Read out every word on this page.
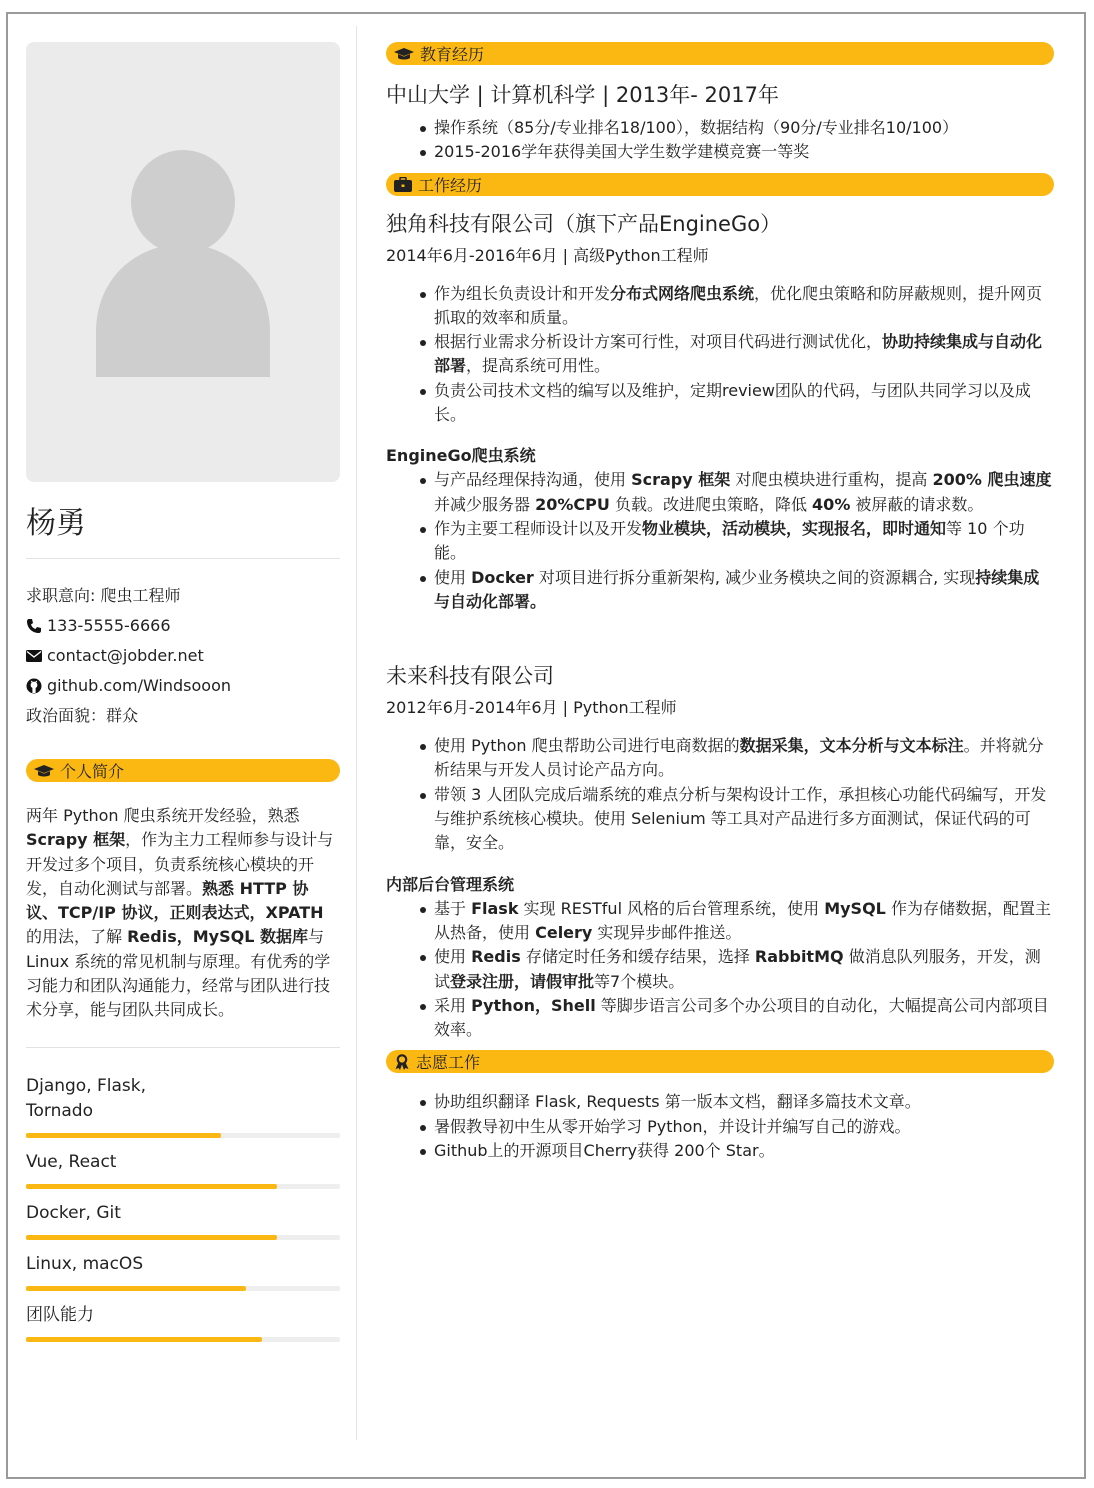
杨勇
求职意向: 爬虫工程师
133-5555-6666
contact@jobder.net
github.com/Windsooon
政治面貌：群众
个人简介
两年 Python 爬虫系统开发经验，熟悉 Scrapy 框架，作为主力工程师参与设计与开发过多个项目，负责系统核心模块的开发，自动化测试与部署。熟悉 HTTP 协议、TCP/IP 协议，正则表达式，XPATH 的用法，了解 Redis，MySQL 数据库与 Linux 系统的常见机制与原理。有优秀的学习能力和团队沟通能力，经常与团队进行技术分享，能与团队共同成长。
Django, Flask, Tornado
Vue, React
Docker, Git
Linux, macOS
团队能力
教育经历
中山大学 | 计算机科学 | 2013年- 2017年
操作系统（85分/专业排名18/100），数据结构（90分/专业排名10/100）
2015-2016学年获得美国大学生数学建模竞赛一等奖
工作经历
独角科技有限公司（旗下产品EngineGo）
2014年6月-2016年6月 | 高级Python工程师
作为组长负责设计和开发分布式网络爬虫系统，优化爬虫策略和防屏蔽规则，提升网页抓取的效率和质量。
根据行业需求分析设计方案可行性，对项目代码进行测试优化，协助持续集成与自动化部署，提高系统可用性。
负责公司技术文档的编写以及维护，定期review团队的代码，与团队共同学习以及成长。
EngineGo爬虫系统
与产品经理保持沟通，使用 Scrapy 框架 对爬虫模块进行重构，提高 200% 爬虫速度并减少服务器 20%CPU 负载。改进爬虫策略，降低 40% 被屏蔽的请求数。
作为主要工程师设计以及开发物业模块，活动模块，实现报名，即时通知等 10 个功能。
使用 Docker 对项目进行拆分重新架构, 减少业务模块之间的资源耦合, 实现持续集成与自动化部署。
未来科技有限公司
2012年6月-2014年6月 | Python工程师
使用 Python 爬虫帮助公司进行电商数据的数据采集，文本分析与文本标注。并将就分析结果与开发人员讨论产品方向。
带领 3 人团队完成后端系统的难点分析与架构设计工作，承担核心功能代码编写，开发与维护系统核心模块。使用 Selenium 等工具对产品进行多方面测试，保证代码的可靠，安全。
内部后台管理系统
基于 Flask 实现 RESTful 风格的后台管理系统，使用 MySQL 作为存储数据，配置主从热备，使用 Celery 实现异步邮件推送。
使用 Redis 存储定时任务和缓存结果，选择 RabbitMQ 做消息队列服务，开发，测试登录注册，请假审批等7个模块。
采用 Python，Shell 等脚步语言公司多个办公项目的自动化，大幅提高公司内部项目效率。
志愿工作
协助组织翻译 Flask, Requests 第一版本文档，翻译多篇技术文章。
暑假教导初中生从零开始学习 Python，并设计并编写自己的游戏。
Github上的开源项目Cherry获得 200个 Star。
